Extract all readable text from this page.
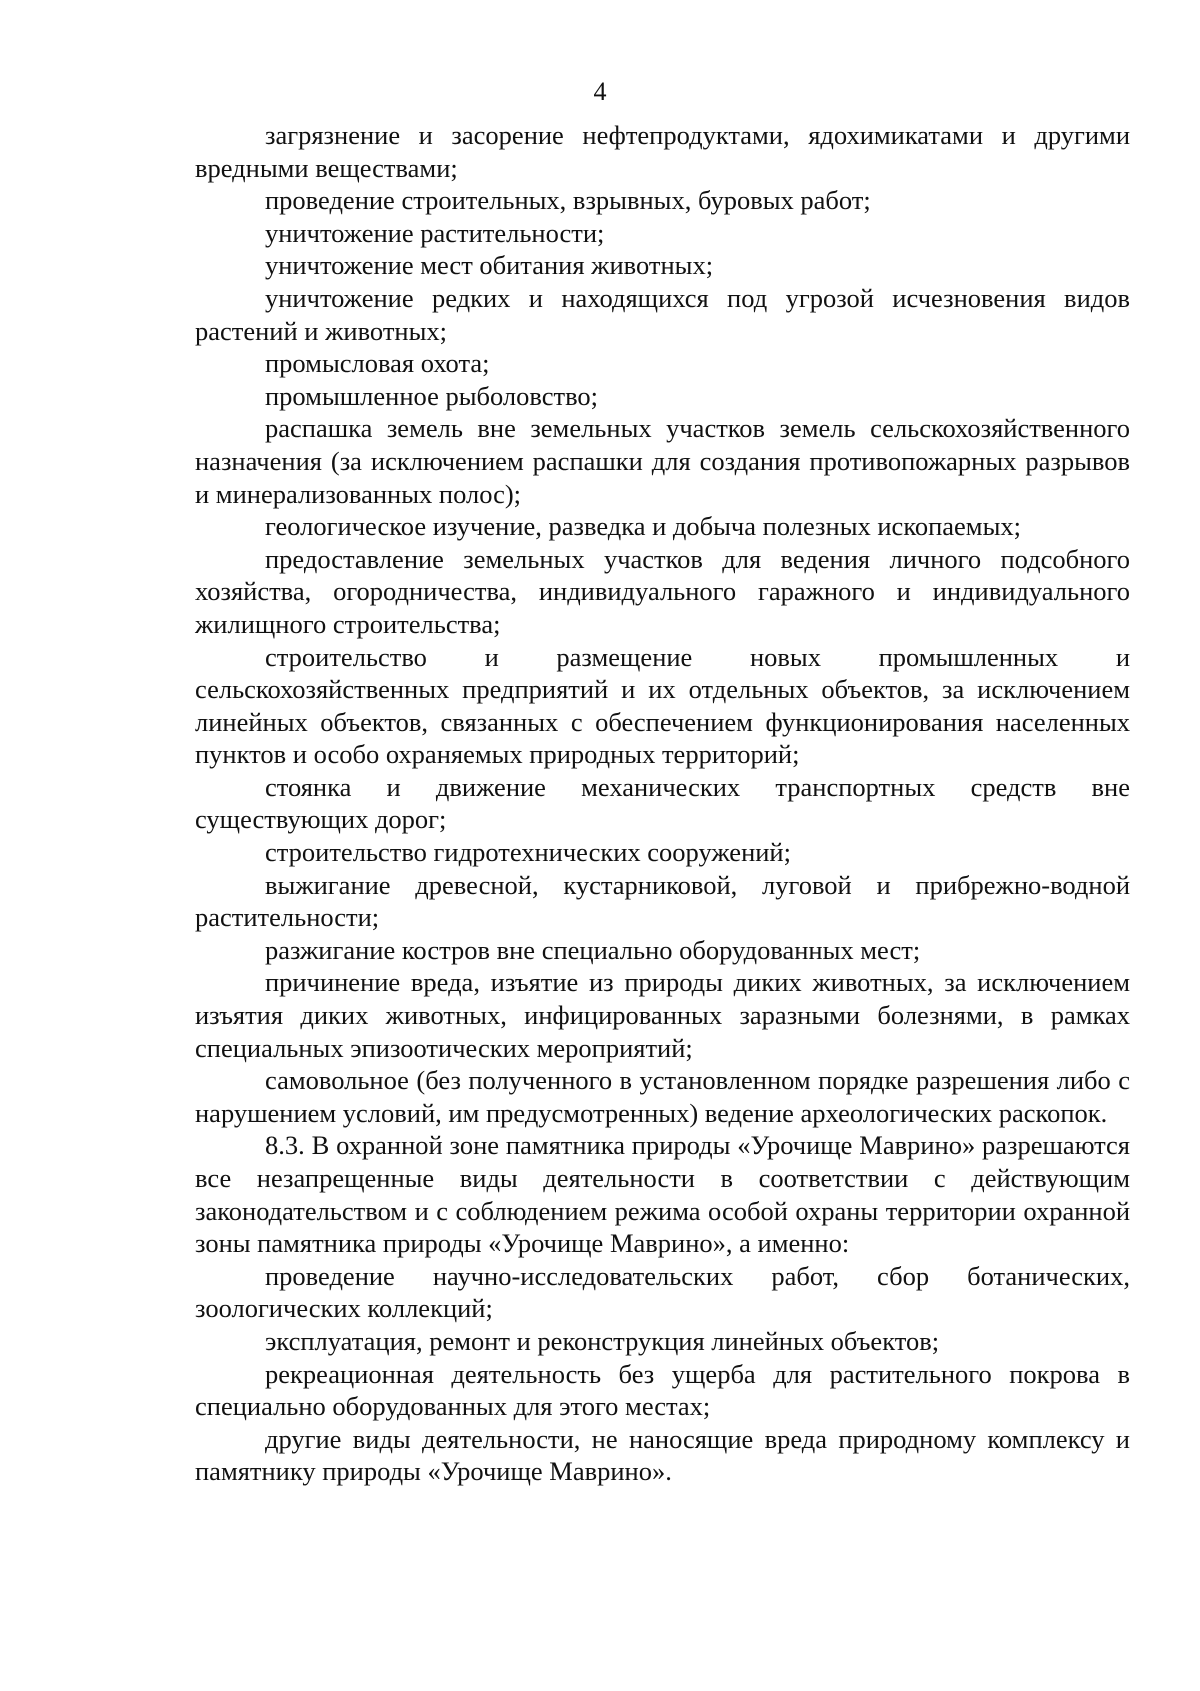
4

загрязнение и засорение нефтепродуктами, ядохимикатами и другими вредными веществами;

проведение строительных, взрывных, буровых работ;

уничтожение растительности;

уничтожение мест обитания животных;

уничтожение редких и находящихся под угрозой исчезновения видов растений и животных;

промысловая охота;

промышленное рыболовство;

распашка земель вне земельных участков земель сельскохозяйственного назначения (за исключением распашки для создания противопожарных разрывов и минерализованных полос);

геологическое изучение, разведка и добыча полезных ископаемых;

предоставление земельных участков для ведения личного подсобного хозяйства, огородничества, индивидуального гаражного и индивидуального жилищного строительства;

строительство и размещение новых промышленных и сельскохозяйственных предприятий и их отдельных объектов, за исключением линейных объектов, связанных с обеспечением функционирования населенных пунктов и особо охраняемых природных территорий;

стоянка и движение механических транспортных средств вне существующих дорог;

строительство гидротехнических сооружений;

выжигание древесной, кустарниковой, луговой и прибрежно-водной растительности;

разжигание костров вне специально оборудованных мест;

причинение вреда, изъятие из природы диких животных, за исключением изъятия диких животных, инфицированных заразными болезнями, в рамках специальных эпизоотических мероприятий;

самовольное (без полученного в установленном порядке разрешения либо с нарушением условий, им предусмотренных) ведение археологических раскопок.

8.3. В охранной зоне памятника природы «Урочище Маврино» разрешаются все незапрещенные виды деятельности в соответствии с действующим законодательством и с соблюдением режима особой охраны территории охранной зоны памятника природы «Урочище Маврино», а именно:

проведение научно-исследовательских работ, сбор ботанических, зоологических коллекций;

эксплуатация, ремонт и реконструкция линейных объектов;

рекреационная деятельность без ущерба для растительного покрова в специально оборудованных для этого местах;

другие виды деятельности, не наносящие вреда природному комплексу и памятнику природы «Урочище Маврино».
